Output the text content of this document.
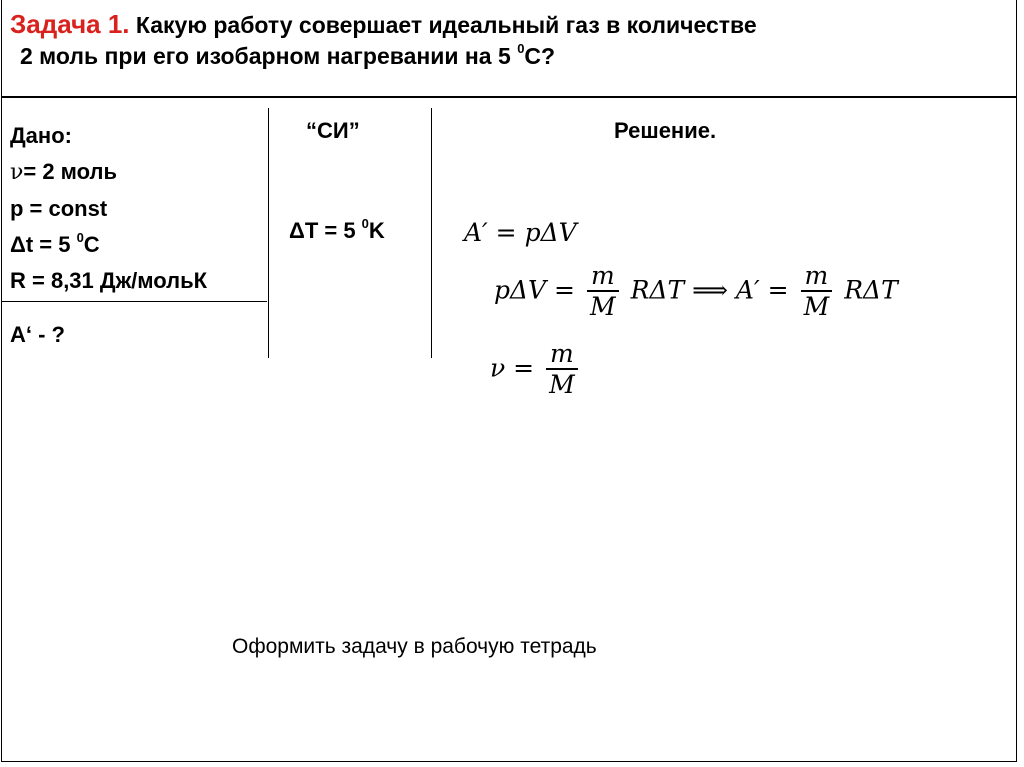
Задача 1. Какую работу совершает идеальный газ в количестве
2 моль при его изобарном нагревании на 5 $^0$С?
Дано:
ν= 2 моль
p = const
Δt = 5 $^0$С
R = 8,31 Дж/мольК
A‘ - ?
“СИ”
ΔT = 5 $^0$K
Решение.
A′ = pΔV
$p\Delta V = \frac{m}{M}$ RΔT ⟹ $A' = \frac{m}{M}$ RΔT
$\nu = \frac{m}{M}$
Оформить задачу в рабочую тетрадь
